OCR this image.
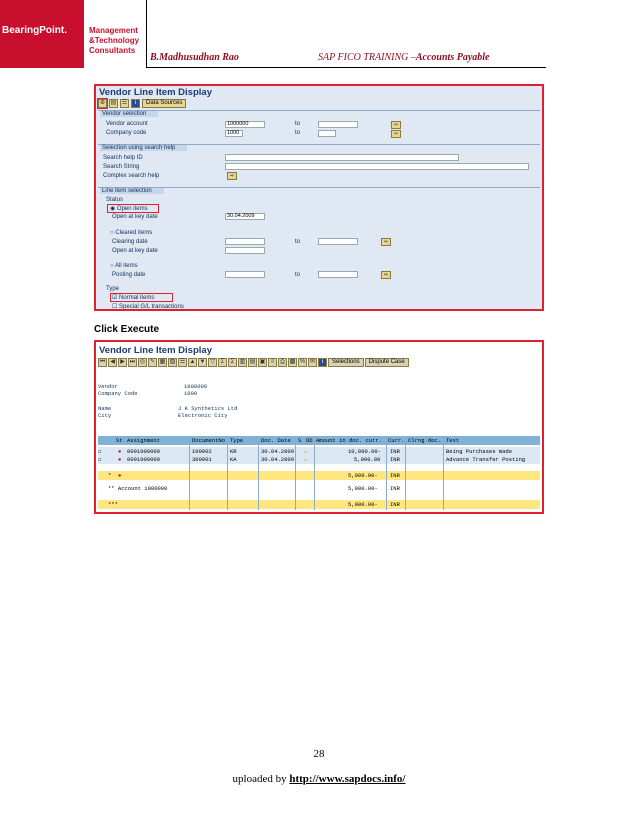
BearingPoint.	Management
&Technology
Consultants
B.Madhusudhan Rao	SAP FICO TRAINING –Accounts Payable
Vendor Line Item Display
⊕ ▤ ☰	i	Data Sources
Vendor selection
Vendor account	1000000	to	⇨
Company code	1000	to	⇨
Selection using search help
Search help ID
Search String
Complex search help	⇨
Line item selection
Status
◉ Open items
Open at key date	30.04.2009
○ Cleared items
Clearing date	to	⇨
Open at key date
○ All items
Posting date	to	⇨
Type
☑ Normal items
☐ Special G/L transactions
Click Execute
Vendor Line Item Display
⏮ ◀ ▶ ⏭ ◎ ✎ ▦ ▧ ☰ ▲ ▼ ▽ Σ	Σ ▥ ▤ ▣ ⇩ ⎙ ▩ % ✉	i	Selections	Dispute Case
Vendor	1000000
Company Code	1000
Name	J K Synthetics Ltd
City	Electronic City
St Assignment	DocumentNo Type	Doc. Date S DD Amount in doc. curr. Curr. Clrng doc. Text
☐	● 0001000000	100002	KR	30.04.2009 ⚠	10,000.00- INR	Being Purchases made
☐	● 0001000000	300001	KA	30.04.2009 ⚠	5,000.00 INR	Advance Transfer Posting
* ●	5,000.00- INR
** Account 1000000	5,000.00- INR
***	5,000.00- INR
28
uploaded by http://www.sapdocs.info/
